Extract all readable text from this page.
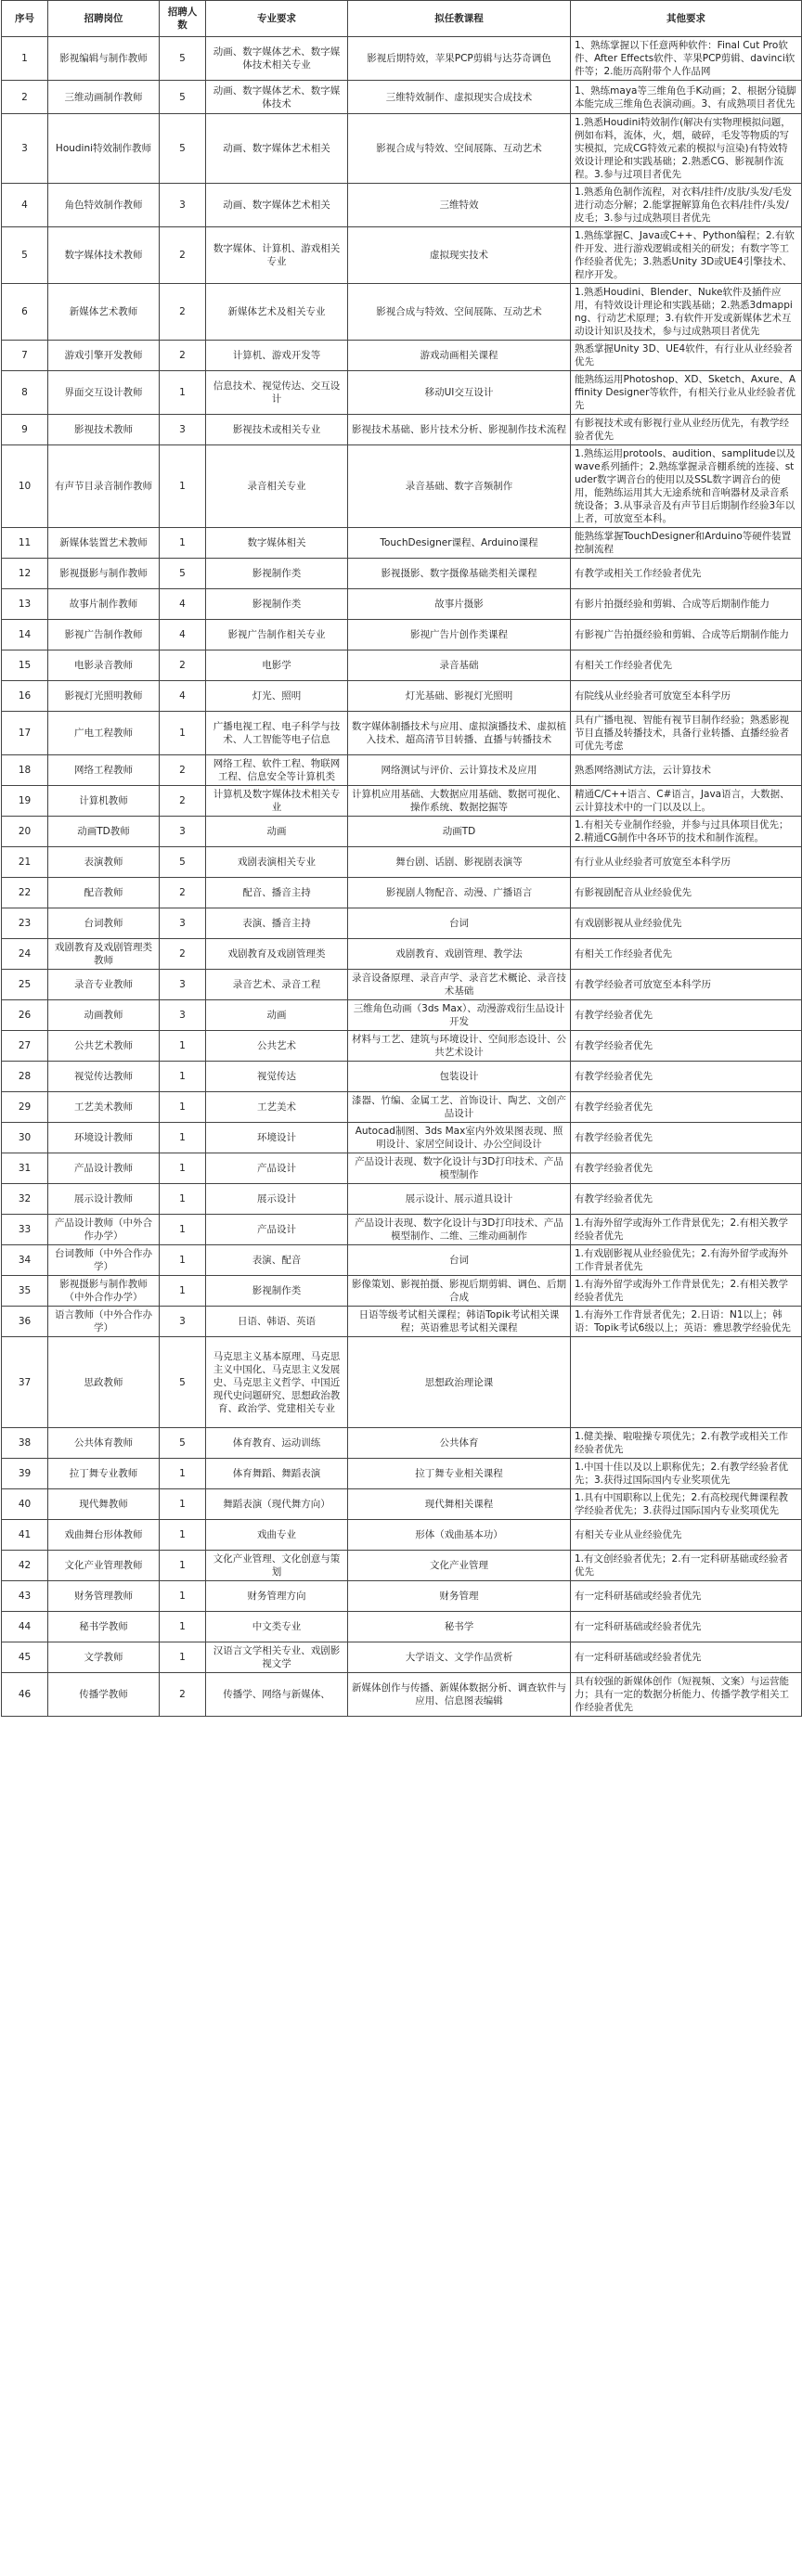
序号	招聘岗位	招聘人数	专业要求	拟任教课程	其他要求
1	影视编辑与制作教师	5	动画、数字媒体艺术、数字媒体技术相关专业	影视后期特效，苹果PCP剪辑与达芬奇调色	1、熟练掌握以下任意两种软件：Final Cut Pro软件、After Effects软件、苹果PCP剪辑、davinci软件等；2.能历高附带个人作品网
2	三维动画制作教师	5	动画、数字媒体艺术、数字媒体技术	三维特效制作、虚拟现实合成技术	1、熟练maya等三维角色手K动画；2、根据分镜脚本能完成三维角色表演动画。3、有成熟项目者优先
3	Houdini特效制作教师	5	动画、数字媒体艺术相关	影视合成与特效、空间展陈、互动艺术	1.熟悉Houdini特效制作(解决有实物理模拟问题，例如布料，流体，火，烟，破碎，毛发等物质的写实模拟，完成CG特效元素的模拟与渲染)有特效特效设计理论和实践基础；2.熟悉CG、影视制作流程。3.参与过项目者优先
4	角色特效制作教师	3	动画、数字媒体艺术相关	三维特效	1.熟悉角色制作流程，对衣料/挂件/皮肤/头发/毛发进行动态分解；2.能掌握解算角色衣料/挂件/头发/皮毛；3.参与过成熟项目者优先
5	数字媒体技术教师	2	数字媒体、计算机、游戏相关专业	虚拟现实技术	1.熟练掌握C、Java或C++、Python编程；2.有软件开发、进行游戏逻辑或相关的研发；有数字等工作经验者优先；3.熟悉Unity 3D或UE4引擎技术、程序开发。
6	新媒体艺术教师	2	新媒体艺术及相关专业	影视合成与特效、空间展陈、互动艺术	1.熟悉Houdini、Blender、Nuke软件及插件应用，有特效设计理论和实践基础；2.熟悉3dmapping、行动艺术原理；3.有软件开发或新媒体艺术互动设计知识及技术，参与过成熟项目者优先
7	游戏引擎开发教师	2	计算机、游戏开发等	游戏动画相关课程	熟悉掌握Unity 3D、UE4软件，有行业从业经验者优先
8	界面交互设计教师	1	信息技术、视觉传达、交互设计	移动UI交互设计	能熟练运用Photoshop、XD、Sketch、Axure、Affinity Designer等软件，有相关行业从业经验者优先
9	影视技术教师	3	影视技术或相关专业	影视技术基础、影片技术分析、影视制作技术流程	有影视技术或有影视行业从业经历优先，有教学经验者优先
10	有声节目录音制作教师	1	录音相关专业	录音基础、数字音频制作	1.熟练运用protools、audition、samplitude以及wave系列插件；2.熟练掌握录音棚系统的连接、studer数字调音台的使用以及SSL数字调音台的使用，能熟练运用其大无途系统和音响器材及录音系统设备；3.从事录音及有声节目后期制作经验3年以上者，可放宽至本科。
11	新媒体装置艺术教师	1	数字媒体相关	TouchDesigner课程、Arduino课程	能熟练掌握TouchDesigner和Arduino等硬件装置控制流程
12	影视摄影与制作教师	5	影视制作类	影视摄影、数字摄像基础类相关课程	有教学或相关工作经验者优先
13	故事片制作教师	4	影视制作类	故事片摄影	有影片拍摄经验和剪辑、合成等后期制作能力
14	影视广告制作教师	4	影视广告制作相关专业	影视广告片创作类课程	有影视广告拍摄经验和剪辑、合成等后期制作能力
15	电影录音教师	2	电影学	录音基础	有相关工作经验者优先
16	影视灯光照明教师	4	灯光、照明	灯光基础、影视灯光照明	有院线从业经验者可放宽至本科学历
17	广电工程教师	1	广播电视工程、电子科学与技术、人工智能等电子信息	数字媒体制播技术与应用、虚拟演播技术、虚拟植入技术、超高清节目转播、直播与转播技术	具有广播电视、智能有视节目制作经验；熟悉影视节目直播及转播技术，具备行业转播、直播经验者可优先考虑
18	网络工程教师	2	网络工程、软件工程、物联网工程、信息安全等计算机类	网络测试与评价、云计算技术及应用	熟悉网络测试方法，云计算技术
19	计算机教师	2	计算机及数字媒体技术相关专业	计算机应用基础、大数据应用基础、数据可视化、操作系统、数据挖掘等	精通C/C++语言、C#语言，Java语言，大数据、云计算技术中的一门以及以上。
20	动画TD教师	3	动画	动画TD	1.有相关专业制作经验，并参与过具体项目优先；2.精通CG制作中各环节的技术和制作流程。
21	表演教师	5	戏剧表演相关专业	舞台剧、话剧、影视剧表演等	有行业从业经验者可放宽至本科学历
22	配音教师	2	配音、播音主持	影视剧人物配音、动漫、广播语言	有影视剧配音从业经验优先
23	台词教师	3	表演、播音主持	台词	有戏剧影视从业经验优先
24	戏剧教育及戏剧管理类教师	2	戏剧教育及戏剧管理类	戏剧教育、戏剧管理、教学法	有相关工作经验者优先
25	录音专业教师	3	录音艺术、录音工程	录音设备原理、录音声学、录音艺术概论、录音技术基础	有教学经验者可放宽至本科学历
26	动画教师	3	动画	三维角色动画（3ds Max）、动漫游戏衍生品设计开发	有教学经验者优先
27	公共艺术教师	1	公共艺术	材料与工艺、建筑与环境设计、空间形态设计、公共艺术设计	有教学经验者优先
28	视觉传达教师	1	视觉传达	包装设计	有教学经验者优先
29	工艺美术教师	1	工艺美术	漆器、竹编、金属工艺、首饰设计、陶艺、文创产品设计	有教学经验者优先
30	环境设计教师	1	环境设计	Autocad制图、3ds Max室内外效果图表现、照明设计、家居空间设计、办公空间设计	有教学经验者优先
31	产品设计教师	1	产品设计	产品设计表现、数字化设计与3D打印技术、产品模型制作	有教学经验者优先
32	展示设计教师	1	展示设计	展示设计、展示道具设计	有教学经验者优先
33	产品设计教师（中外合作办学）	1	产品设计	产品设计表现、数字化设计与3D打印技术、产品模型制作、二维、三维动画制作	1.有海外留学或海外工作背景优先；2.有相关教学经验者优先
34	台词教师（中外合作办学）	1	表演、配音	台词	1.有戏剧影视从业经验优先；2.有海外留学或海外工作背景者优先
35	影视摄影与制作教师（中外合作办学）	1	影视制作类	影像策划、影视拍摄、影视后期剪辑、调色、后期合成	1.有海外留学或海外工作背景优先；2.有相关教学经验者优先
36	语言教师（中外合作办学）	3	日语、韩语、英语	日语等级考试相关课程；韩语Topik考试相关课程；英语雅思考试相关课程	1.有海外工作背景者优先；2.日语：N1以上；韩语：Topik考试6级以上；英语：雅思教学经验优先
37	思政教师	5	马克思主义基本原理、马克思主义中国化、马克思主义发展史、马克思主义哲学、中国近现代史问题研究、思想政治教育、政治学、党建相关专业	思想政治理论课	
38	公共体育教师	5	体育教育、运动训练	公共体育	1.健美操、啦啦操专项优先；2.有教学或相关工作经验者优先
39	拉丁舞专业教师	1	体育舞蹈、舞蹈表演	拉丁舞专业相关课程	1.中国十佳以及以上职称优先；2.有教学经验者优先；3.获得过国际国内专业奖项优先
40	现代舞教师	1	舞蹈表演（现代舞方向）	现代舞相关课程	1.具有中国职称以上优先；2.有高校现代舞课程教学经验者优先；3.获得过国际国内专业奖项优先
41	戏曲舞台形体教师	1	戏曲专业	形体（戏曲基本功）	有相关专业从业经验优先
42	文化产业管理教师	1	文化产业管理、文化创意与策划	文化产业管理	1.有文创经验者优先；2.有一定科研基础或经验者优先
43	财务管理教师	1	财务管理方向	财务管理	有一定科研基础或经验者优先
44	秘书学教师	1	中文类专业	秘书学	有一定科研基础或经验者优先
45	文学教师	1	汉语言文学相关专业、戏剧影视文学	大学语文、文学作品赏析	有一定科研基础或经验者优先
46	传播学教师	2	传播学、网络与新媒体、	新媒体创作与传播、新媒体数据分析、调查软件与应用、信息图表编辑	具有较强的新媒体创作（短视频、文案）与运营能力；具有一定的数据分析能力、传播学教学相关工作经验者优先
